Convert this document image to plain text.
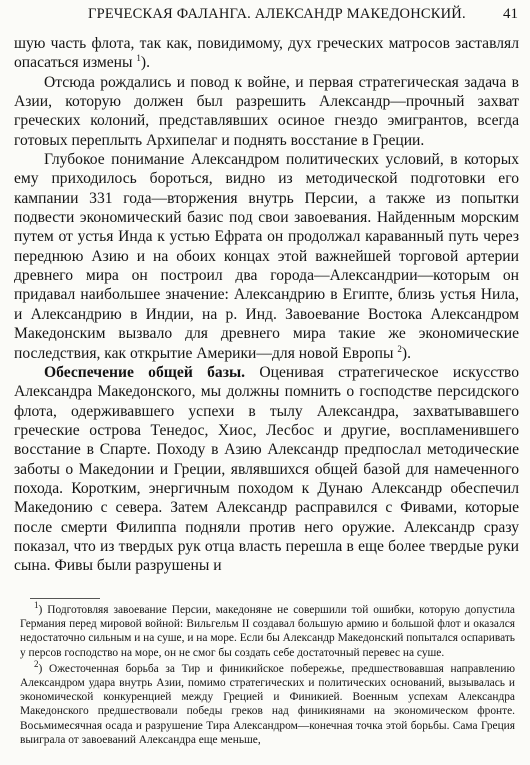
ГРЕЧЕСКАЯ ФАЛАНГА. АЛЕКСАНДР МАКЕДОНСКИЙ. 41

шую часть флота, так как, повидимому, дух греческих матросов заставлял опасаться измены $^1$).

Отсюда рождались и повод к войне, и первая стратегическая задача в Азии, которую должен был разрешить Александр—прочный захват греческих колоний, представлявших осиное гнездо эмигрантов, всегда готовых переплыть Архипелаг и поднять восстание в Греции.

Глубокое понимание Александром политических условий, в которых ему приходилось бороться, видно из методической подготовки его кампании 331 года—вторжения внутрь Персии, а также из попытки подвести экономический базис под свои завоевания. Найденным морским путем от устья Инда к устью Ефрата он продолжал караванный путь через переднюю Азию и на обоих концах этой важнейшей торговой артерии древнего мира он построил два города—Александрии—которым он придавал наибольшее значение: Александрию в Египте, близь устья Нила, и Александрию в Индии, на р. Инд. Завоевание Востока Александром Македонским вызвало для древнего мира такие же экономические последствия, как открытие Америки—для новой Европы $^2$).

Обеспечение общей базы. Оценивая стратегическое искусство Александра Македонского, мы должны помнить о господстве персидского флота, одерживавшего успехи в тылу Александра, захватывавшего греческие острова Тенедос, Хиос, Лесбос и другие, воспламенившего восстание в Спарте. Походу в Азию Александр предпослал методические заботы о Македонии и Греции, являвшихся общей базой для намеченного похода. Коротким, энергичным походом к Дунаю Александр обеспечил Македонию с севера. Затем Александр расправился с Фивами, которые после смерти Филиппа подняли против него оружие. Александр сразу показал, что из твердых рук отца власть перешла в еще более твердые руки сына. Фивы были разрушены и

$^1$) Подготовляя завоевание Персии, македоняне не совершили той ошибки, которую допустила Германия перед мировой войной: Вильгельм II создавал большую армию и большой флот и оказался недостаточно сильным и на суше, и на море. Если бы Александр Македонский попытался оспаривать у персов господство на море, он не смог бы создать себе достаточный перевес на суше.

$^2$) Ожесточенная борьба за Тир и финикийское побережье, предшествовавшая направлению Александром удара внутрь Азии, помимо стратегических и политических оснований, вызывалась и экономической конкуренцией между Грецией и Финикией. Военным успехам Александра Македонского предшествовали победы греков над финикиянами на экономическом фронте. Восьмимесячная осада и разрушение Тира Александром—конечная точка этой борьбы. Сама Греция выиграла от завоеваний Александра еще меньше,
